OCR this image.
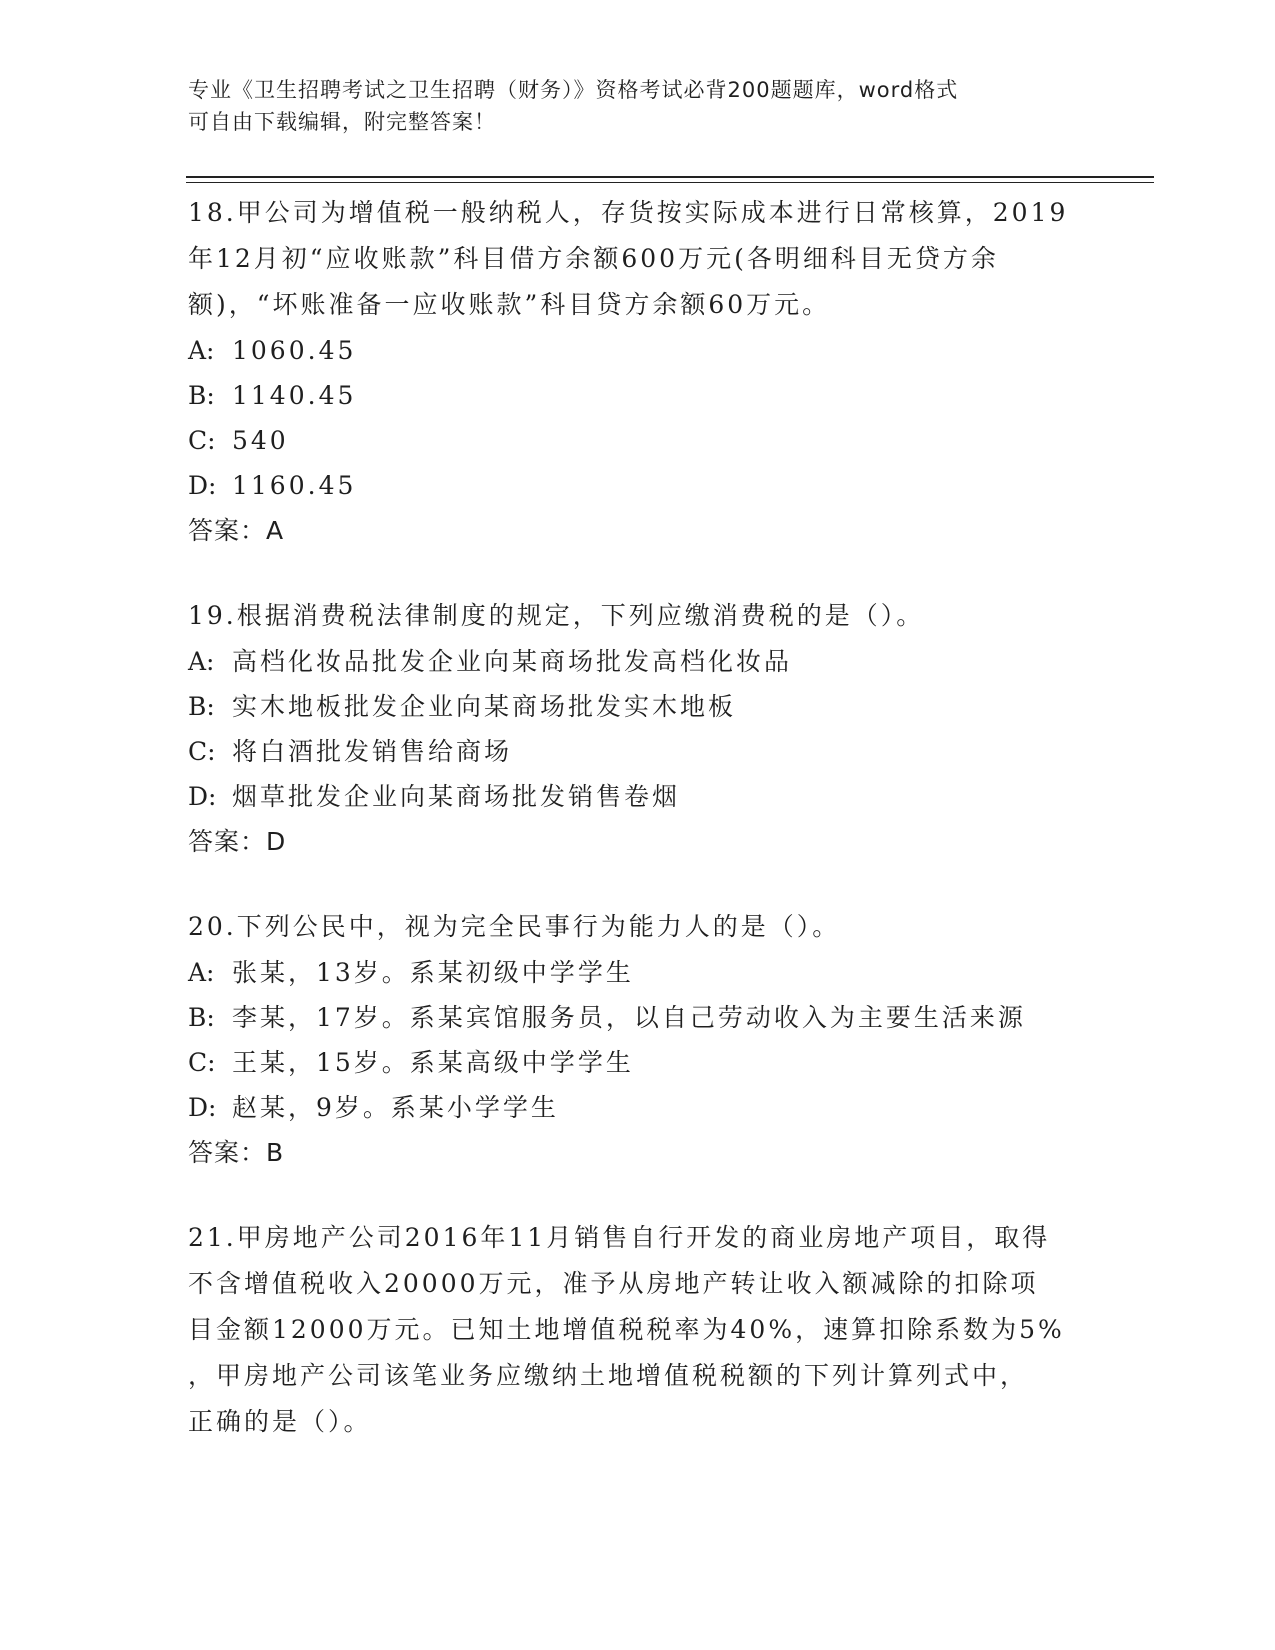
专业《卫生招聘考试之卫生招聘（财务）》资格考试必背200题题库，word格式
可自由下载编辑，附完整答案！
18.甲公司为增值税一般纳税人，存货按实际成本进行日常核算，2019
年12月初“应收账款”科目借方余额600万元(各明细科目无贷方余
额)，“坏账准备一应收账款”科目贷方余额60万元。
A: 1060.45
B: 1140.45
C: 540
D: 1160.45
答案：A
19.根据消费税法律制度的规定，下列应缴消费税的是（）。
A: 高档化妆品批发企业向某商场批发高档化妆品
B: 实木地板批发企业向某商场批发实木地板
C: 将白酒批发销售给商场
D: 烟草批发企业向某商场批发销售卷烟
答案：D
20.下列公民中，视为完全民事行为能力人的是（）。
A: 张某，13岁。系某初级中学学生
B: 李某，17岁。系某宾馆服务员，以自己劳动收入为主要生活来源
C: 王某，15岁。系某高级中学学生
D: 赵某，9岁。系某小学学生
答案：B
21.甲房地产公司2016年11月销售自行开发的商业房地产项目，取得
不含增值税收入20000万元，准予从房地产转让收入额减除的扣除项
目金额12000万元。已知土地增值税税率为40%，速算扣除系数为5%
，甲房地产公司该笔业务应缴纳土地增值税税额的下列计算列式中，
正确的是（）。
